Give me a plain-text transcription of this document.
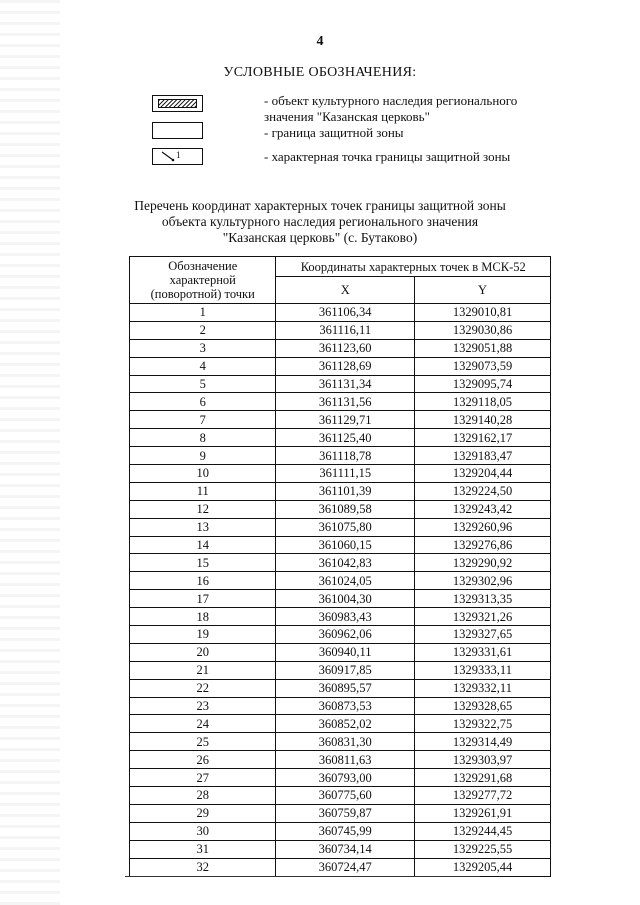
4
УСЛОВНЫЕ ОБОЗНАЧЕНИЯ:
- объект культурного наследия регионального
значения "Казанская церковь"
- граница защитной зоны
1	- характерная точка границы защитной зоны
Перечень координат характерных точек границы защитной зоны
объекта культурного наследия регионального значения
"Казанская церковь" (с. Бутаково)
Обозначение характерной (поворотной) точки	Координаты характерных точек в МСК-52	
	X	Y
1	361106,34	1329010,81
2	361116,11	1329030,86
3	361123,60	1329051,88
4	361128,69	1329073,59
5	361131,34	1329095,74
6	361131,56	1329118,05
7	361129,71	1329140,28
8	361125,40	1329162,17
9	361118,78	1329183,47
10	361111,15	1329204,44
11	361101,39	1329224,50
12	361089,58	1329243,42
13	361075,80	1329260,96
14	361060,15	1329276,86
15	361042,83	1329290,92
16	361024,05	1329302,96
17	361004,30	1329313,35
18	360983,43	1329321,26
19	360962,06	1329327,65
20	360940,11	1329331,61
21	360917,85	1329333,11
22	360895,57	1329332,11
23	360873,53	1329328,65
24	360852,02	1329322,75
25	360831,30	1329314,49
26	360811,63	1329303,97
27	360793,00	1329291,68
28	360775,60	1329277,72
29	360759,87	1329261,91
30	360745,99	1329244,45
31	360734,14	1329225,55
32	360724,47	1329205,44
